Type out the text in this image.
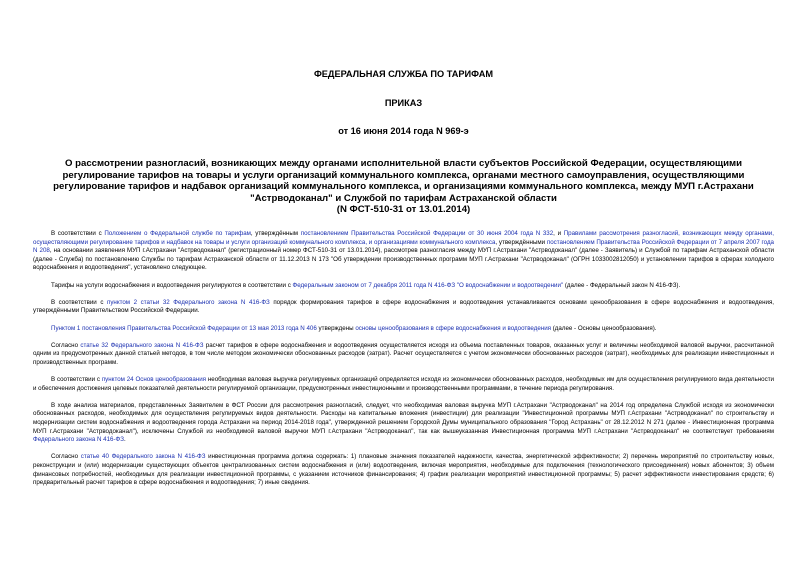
ФЕДЕРАЛЬНАЯ СЛУЖБА ПО ТАРИФАМ
ПРИКАЗ
от 16 июня 2014 года N 969-э
О рассмотрении разногласий, возникающих между органами исполнительной власти субъектов Российской Федерации, осуществляющими регулирование тарифов на товары и услуги организаций коммунального комплекса, органами местного самоуправления, осуществляющими регулирование тарифов и надбавок организаций коммунального комплекса, и организациями коммунального комплекса, между МУП г.Астрахани "Астрводоканал" и Службой по тарифам Астраханской области
(N ФСТ-510-31 от 13.01.2014)

В соответствии с Положением о Федеральной службе по тарифам, утверждённым постановлением Правительства Российской Федерации от 30 июня 2004 года N 332, и Правилами рассмотрения разногласий, возникающих между органами, осуществляющими регулирование тарифов и надбавок на товары и услуги организаций коммунального комплекса, и организациями коммунального комплекса, утверждёнными постановлением Правительства Российской Федерации от 7 апреля 2007 года N 208, на основании заявления МУП г.Астрахани "Астрводоканал" (регистрационный номер ФСТ-510-31 от 13.01.2014), рассмотрев разногласия между МУП г.Астрахани "Астрводоканал" (далее - Заявитель) и Службой по тарифам Астраханской области (далее - Служба) по постановлению Службы по тарифам Астраханской области от 11.12.2013 N 173 "Об утверждении производственных программ МУП г.Астрахани "Астрводоканал" (ОГРН 1033002812050) и установлении тарифов в сферах холодного водоснабжения и водоотведения", установлено следующее.

Тарифы на услуги водоснабжения и водоотведения регулируются в соответствии с Федеральным законом от 7 декабря 2011 года N 416-ФЗ "О водоснабжении и водоотведении" (далее - Федеральный закон N 416-ФЗ).

В соответствии с пунктом 2 статьи 32 Федерального закона N 416-ФЗ порядок формирования тарифов в сфере водоснабжения и водоотведения устанавливается основами ценообразования в сфере водоснабжения и водоотведения, утверждёнными Правительством Российской Федерации.

Пунктом 1 постановления Правительства Российской Федерации от 13 мая 2013 года N 406 утверждены основы ценообразования в сфере водоснабжения и водоотведения (далее - Основы ценообразования).

Согласно статье 32 Федерального закона N 416-ФЗ расчет тарифов в сфере водоснабжения и водоотведения осуществляется исходя из объема поставленных товаров, оказанных услуг и величины необходимой валовой выручки, рассчитанной одним из предусмотренных данной статьей методов, в том числе методом экономически обоснованных расходов (затрат). Расчет осуществляется с учетом экономически обоснованных расходов (затрат), необходимых для реализации инвестиционных и производственных программ.

В соответствии с пунктом 24 Основ ценообразования необходимая валовая выручка регулируемых организаций определяется исходя из экономически обоснованных расходов, необходимых им для осуществления регулируемого вида деятельности и обеспечения достижения целевых показателей деятельности регулируемой организации, предусмотренных инвестиционными и производственными программами, в течение периода регулирования.

В ходе анализа материалов, представленных Заявителем в ФСТ России для рассмотрения разногласий, следует, что необходимая валовая выручка МУП г.Астрахани "Астрводоканал" на 2014 год определена Службой исходя из экономически обоснованных расходов, необходимых для осуществления регулируемых видов деятельности. Расходы на капитальные вложения (инвестиции) для реализации "Инвестиционной программы МУП г.Астрахани "Астрводоканал" по строительству и модернизации систем водоснабжения и водоотведения города Астрахани на период 2014-2018 года", утвержденной решением Городской Думы муниципального образования "Город Астрахань" от 28.12.2012 N 271 (далее - Инвестиционная программа МУП г.Астрахани "Астрводоканал"), исключены Службой из необходимой валовой выручки МУП г.Астрахани "Астрводоканал", так как вышеуказанная Инвестиционная программа МУП г.Астрахани "Астрводоканал" не соответствует требованиям Федерального закона N 416-ФЗ.

Согласно статье 40 Федерального закона N 416-ФЗ инвестиционная программа должна содержать: 1) плановые значения показателей надежности, качества, энергетической эффективности; 2) перечень мероприятий по строительству новых, реконструкции и (или) модернизации существующих объектов централизованных систем водоснабжения и (или) водоотведения, включая мероприятия, необходимые для подключения (технологического присоединения) новых абонентов; 3) объем финансовых потребностей, необходимых для реализации инвестиционной программы, с указанием источников финансирования; 4) график реализации мероприятий инвестиционной программы; 5) расчет эффективности инвестирования средств; 6) предварительный расчет тарифов в сфере водоснабжения и водоотведения; 7) иные сведения.
